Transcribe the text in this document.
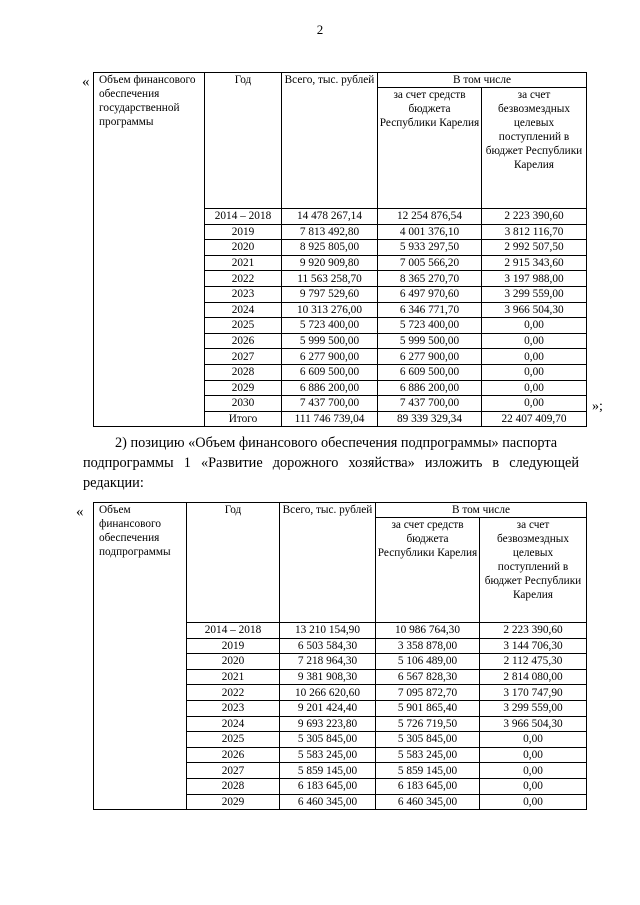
2
« Объем финансового обеспечения государственной программы	Год	Всего, тыс. рублей	В том числе	
			за счет средств бюджета Республики Карелия	за счет безвозмездных целевых поступлений в бюджет Республики Карелия
	2014 – 2018	14 478 267,14	12 254 876,54	2 223 390,60
	2019	7 813 492,80	4 001 376,10	3 812 116,70
	2020	8 925 805,00	5 933 297,50	2 992 507,50
	2021	9 920 909,80	7 005 566,20	2 915 343,60
	2022	11 563 258,70	8 365 270,70	3 197 988,00
	2023	9 797 529,60	6 497 970,60	3 299 559,00
	2024	10 313 276,00	6 346 771,70	3 966 504,30
	2025	5 723 400,00	5 723 400,00	0,00
	2026	5 999 500,00	5 999 500,00	0,00
	2027	6 277 900,00	6 277 900,00	0,00
	2028	6 609 500,00	6 609 500,00	0,00
	2029	6 886 200,00	6 886 200,00	0,00
	2030	7 437 700,00	7 437 700,00	0,00
	Итого	111 746 739,04	89 339 329,34	22 407 409,70
»;
2) позицию «Объем финансового обеспечения подпрограммы» паспорта
подпрограммы 1 «Развитие дорожного хозяйства» изложить в следующей редакции:
« Объем финансового обеспечения подпрограммы	Год	Всего, тыс. рублей	В том числе	
			за счет средств бюджета Республики Карелия	за счет безвозмездных целевых поступлений в бюджет Республики Карелия
	2014 – 2018	13 210 154,90	10 986 764,30	2 223 390,60
	2019	6 503 584,30	3 358 878,00	3 144 706,30
	2020	7 218 964,30	5 106 489,00	2 112 475,30
	2021	9 381 908,30	6 567 828,30	2 814 080,00
	2022	10 266 620,60	7 095 872,70	3 170 747,90
	2023	9 201 424,40	5 901 865,40	3 299 559,00
	2024	9 693 223,80	5 726 719,50	3 966 504,30
	2025	5 305 845,00	5 305 845,00	0,00
	2026	5 583 245,00	5 583 245,00	0,00
	2027	5 859 145,00	5 859 145,00	0,00
	2028	6 183 645,00	6 183 645,00	0,00
	2029	6 460 345,00	6 460 345,00	0,00
